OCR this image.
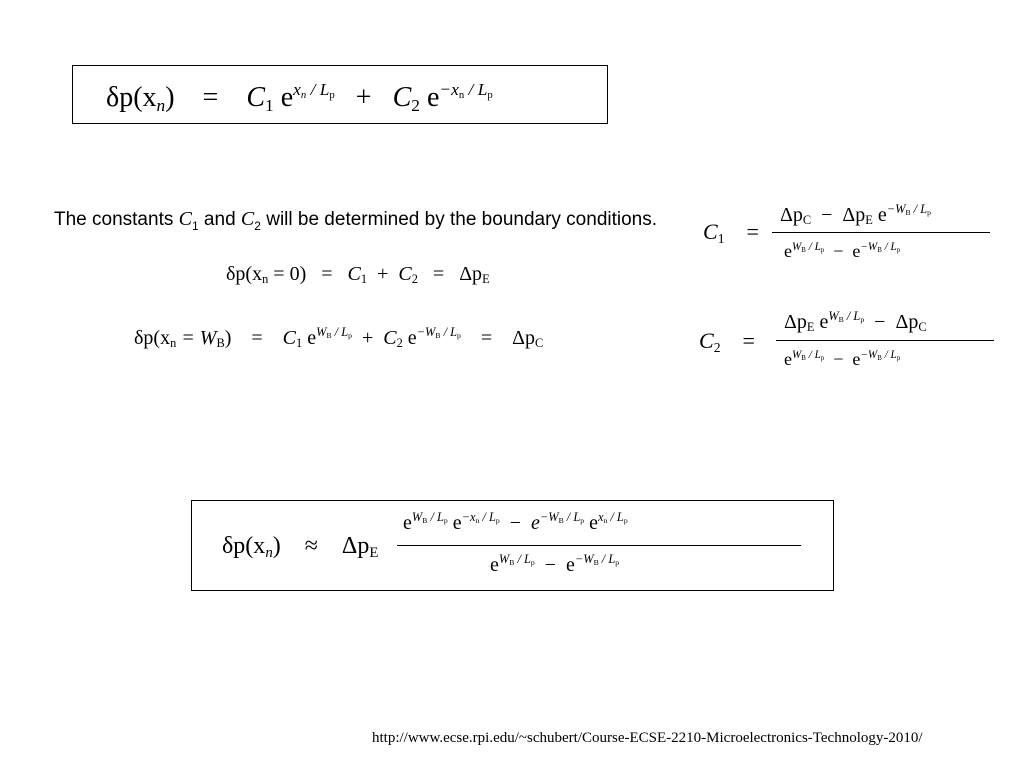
δp(xn) = C1 $e^{xn / Lp} + C2$ $e^{-xn / Lp}$
The constants $C_1$ and $C_2$ will be determined by the boundary conditions.
δp(xn = 0) = C1 + C2 = ΔpE
δp(xn = WB) = C1 $e^{WB / Lp} + C2$ $e^{-WB / Lp} = \Delta pC$
C1 =
ΔpC − ΔpE $e^{-WB / Lp}$
$e^{WB / Lp} - e^{-WB / Lp}$
C2 =
ΔpE $e^{WB / Lp} - \Delta pC$
$e^{WB / Lp} - e^{-WB / Lp}$
δp(xn) ≈ ΔpE
$e^{WB / Lp}$ $e^{-xn / Lp} - e^{-WB / Lp}$ $e^{xn / Lp}$
$e^{WB / Lp} - e^{-WB / Lp}$
http://www.ecse.rpi.edu/~schubert/Course-ECSE-2210-Microelectronics-Technology-2010/
